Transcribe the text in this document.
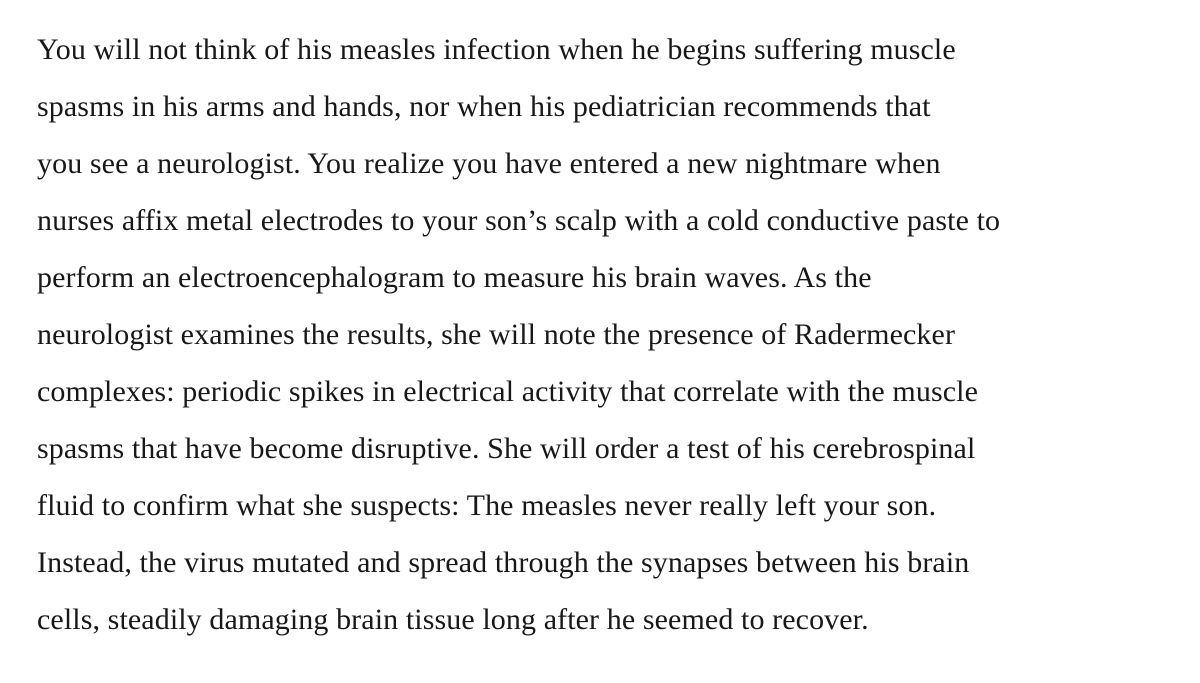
You will not think of his measles infection when he begins suffering muscle

spasms in his arms and hands, nor when his pediatrician recommends that

you see a neurologist. You realize you have entered a new nightmare when

nurses affix metal electrodes to your son’s scalp with a cold conductive paste to

perform an electroencephalogram to measure his brain waves. As the

neurologist examines the results, she will note the presence of Radermecker

complexes: periodic spikes in electrical activity that correlate with the muscle

spasms that have become disruptive. She will order a test of his cerebrospinal

fluid to confirm what she suspects: The measles never really left your son.

Instead, the virus mutated and spread through the synapses between his brain

cells, steadily damaging brain tissue long after he seemed to recover.
